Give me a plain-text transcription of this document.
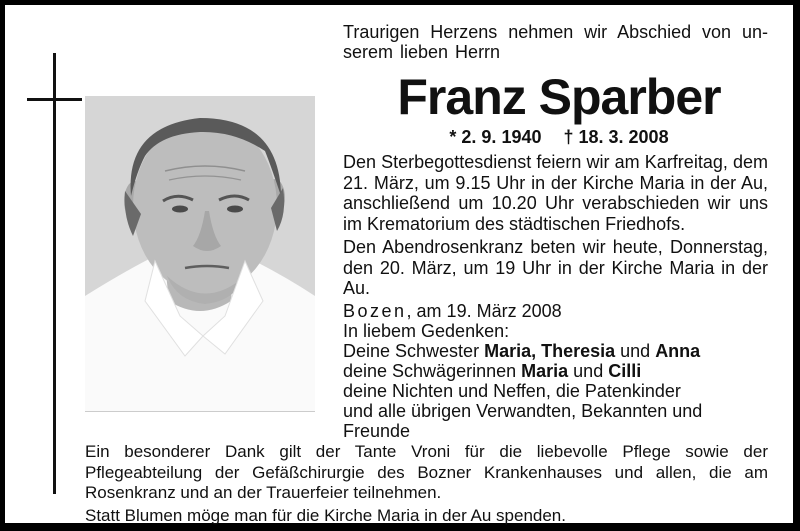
Traurigen Herzens nehmen wir Abschied von un-
serem lieben Herrn
Franz Sparber
* 2. 9. 1940 † 18. 3. 2008
Den Sterbegottesdienst feiern wir am Karfreitag, dem 21. März, um 9.15 Uhr in der Kirche Maria in der Au, anschließend um 10.20 Uhr verabschieden wir uns im Krematorium des städtischen Friedhofs.
Den Abendrosenkranz beten wir heute, Donnerstag, den 20. März, um 19 Uhr in der Kirche Maria in der Au.
Bozen, am 19. März 2008
In liebem Gedenken:
Deine Schwester Maria, Theresia und Anna
deine Schwägerinnen Maria und Cilli
deine Nichten und Neffen, die Patenkinder
und alle übrigen Verwandten, Bekannten und
Freunde
Ein besonderer Dank gilt der Tante Vroni für die liebevolle Pflege sowie der Pflegeabteilung der Gefäßchirurgie des Bozner Krankenhauses und allen, die am Rosenkranz und an der Trauerfeier teilnehmen.
Statt Blumen möge man für die Kirche Maria in der Au spenden.
